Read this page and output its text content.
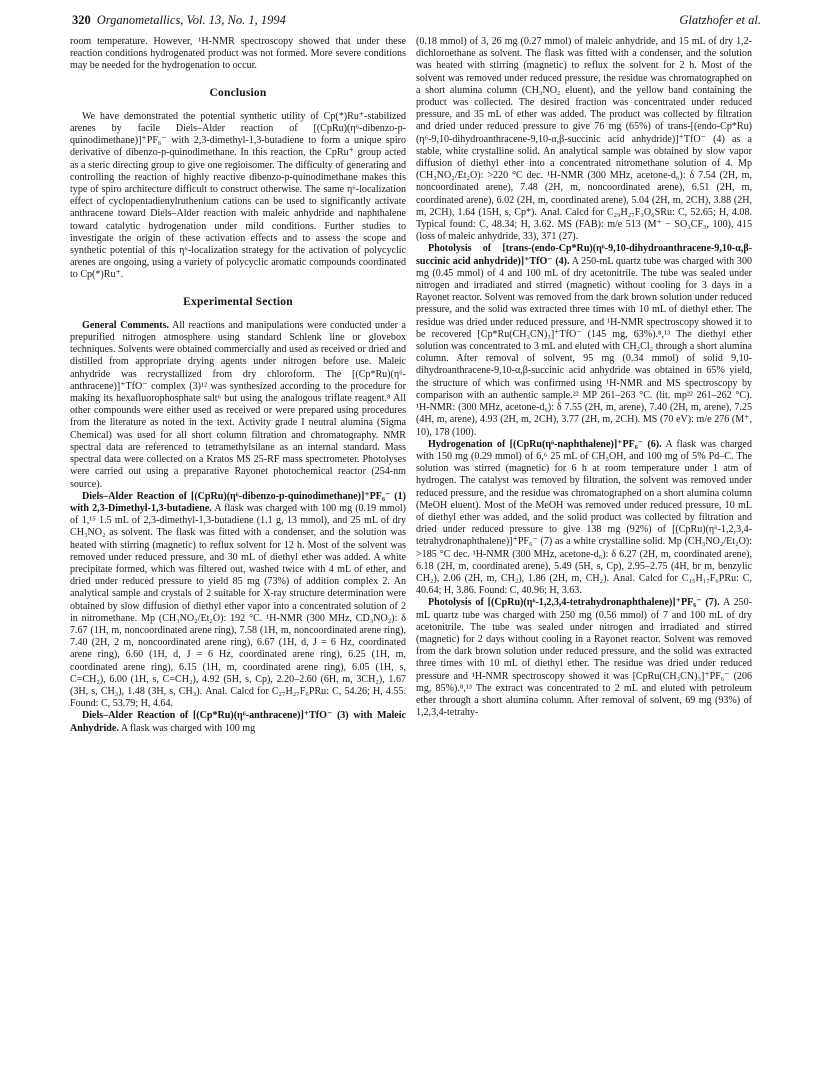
320 Organometallics, Vol. 13, No. 1, 1994	Glatzhofer et al.

room temperature. However, ¹H-NMR spectroscopy showed that under these reaction conditions hydrogenated product was not formed. More severe conditions may be needed for the hydrogenation to occur.

Conclusion

We have demonstrated the potential synthetic utility of Cp(*)Ru⁺-stabilized arenes by facile Diels–Alder reaction of [(CpRu)(η⁶-dibenzo-p-quinodimethane)]⁺PF₆⁻ with 2,3-dimethyl-1,3-butadiene to form a unique spiro derivative of dibenzo-p-quinodimethane. In this reaction, the CpRu⁺ group acted as a steric directing group to give one regioisomer. The difficulty of generating and controlling the reaction of highly reactive dibenzo-p-quinodimethane makes this type of spiro architecture difficult to construct otherwise. The same η⁶-localization effect of cyclopentadienylruthenium cations can be used to significantly activate anthracene toward Diels–Alder reaction with maleic anhydride and naphthalene toward catalytic hydrogenation under mild conditions. Further studies to investigate the origin of these activation effects and to assess the scope and synthetic potential of this η⁶-localization strategy for the activation of polycyclic arenes are ongoing, using a variety of polycyclic aromatic compounds coordinated to Cp(*)Ru⁺.

Experimental Section

General Comments. All reactions and manipulations were conducted under a prepurified nitrogen atmosphere using standard Schlenk line or glovebox techniques. Solvents were obtained commercially and used as received or dried and distilled from appropriate drying agents under nitrogen before use. Maleic anhydride was recrystallized from dry chloroform. The [(Cp*Ru)(η⁶-anthracene)]⁺TfO⁻ complex (3)¹² was synthesized according to the procedure for making its hexafluorophosphate salt⁶ but using the analogous triflate reagent.⁸ All other compounds were either used as received or were prepared using procedures from the literature as noted in the text. Activity grade I neutral alumina (Sigma Chemical) was used for all short column filtration and chromatography. NMR spectral data are referenced to tetramethylsilane as an internal standard. Mass spectral data were collected on a Kratos MS 25-RF mass spectrometer. Photolyses were carried out using a preparative Rayonet photochemical reactor (254-nm source).

Diels–Alder Reaction of [(CpRu)(η⁶-dibenzo-p-quinodimethane)]⁺PF₆⁻ (1) with 2,3-Dimethyl-1,3-butadiene. A flask was charged with 100 mg (0.19 mmol) of 1,¹⁵ 1.5 mL of 2,3-dimethyl-1,3-butadiene (1.1 g, 13 mmol), and 25 mL of dry CH₃NO₂ as solvent. The flask was fitted with a condenser, and the solution was heated with stirring (magnetic) to reflux solvent for 12 h. Most of the solvent was removed under reduced pressure, and 30 mL of diethyl ether was added. A white precipitate formed, which was filtered out, washed twice with 4 mL of ether, and dried under reduced pressure to yield 85 mg (73%) of addition complex 2. An analytical sample and crystals of 2 suitable for X-ray structure determination were obtained by slow diffusion of diethyl ether vapor into a concentrated solution of 2 in nitromethane. Mp (CH₃NO₂/Et₂O): 192 °C. ¹H-NMR (300 MHz, CD₃NO₂): δ 7.67 (1H, m, noncoordinated arene ring), 7.58 (1H, m, noncoordinated arene ring), 7.40 (2H, 2 m, noncoordinated arene ring), 6.67 (1H, d, J = 6 Hz, coordinated arene ring), 6.60 (1H, d, J = 6 Hz, coordinated arene ring), 6.25 (1H, m, coordinated arene ring), 6.15 (1H, m, coordinated arene ring), 6.05 (1H, s, C=CH₂), 6.00 (1H, s, C=CH₂), 4.92 (5H, s, Cp), 2.20–2.60 (6H, m, 3CH₂), 1.67 (3H, s, CH₃), 1.48 (3H, s, CH₃). Anal. Calcd for C₂₇H₂₇F₆PRu: C, 54.26; H, 4.55. Found: C, 53.79; H, 4.64.

Diels–Alder Reaction of [(Cp*Ru)(η⁶-anthracene)]⁺TfO⁻ (3) with Maleic Anhydride. A flask was charged with 100 mg

(0.18 mmol) of 3, 26 mg (0.27 mmol) of maleic anhydride, and 15 mL of dry 1,2-dichloroethane as solvent. The flask was fitted with a condenser, and the solution was heated with stirring (magnetic) to reflux the solvent for 2 h. Most of the solvent was removed under reduced pressure, the residue was chromatographed on a short alumina column (CH₃NO₂ eluent), and the yellow band containing the product was collected. The desired fraction was concentrated under reduced pressure, and 35 mL of ether was added. The product was collected by filtration and dried under reduced pressure to give 76 mg (65%) of trans-[(endo-Cp*Ru)(η⁶-9,10-dihydroanthracene-9,10-α,β-succinic acid anhydride)]⁺TfO⁻ (4) as a stable, white crystalline solid. An analytical sample was obtained by slow vapor diffusion of diethyl ether into a concentrated nitromethane solution of 4. Mp (CH₃NO₂/Et₂O): >220 °C dec. ¹H-NMR (300 MHz, acetone-d₆): δ 7.54 (2H, m, noncoordinated arene), 7.48 (2H, m, noncoordinated arene), 6.51 (2H, m, coordinated arene), 6.02 (2H, m, coordinated arene), 5.04 (2H, m, 2CH), 3.88 (2H, m, 2CH), 1.64 (15H, s, Cp*). Anal. Calcd for C₂₉H₂₇F₃O₆SRu: C, 52.65; H, 4.08. Typical found: C, 48.34; H, 3.62. MS (FAB): m/e 513 (M⁺ − SO₃CF₃, 100), 415 (loss of maleic anhydride, 33), 371 (27).

Photolysis of [trans-(endo-Cp*Ru)(η⁶-9,10-dihydroanthracene-9,10-α,β-succinic acid anhydride)]⁺TfO⁻ (4). A 250-mL quartz tube was charged with 300 mg (0.45 mmol) of 4 and 100 mL of dry acetonitrile. The tube was sealed under nitrogen and irradiated and stirred (magnetic) without cooling for 3 days in a Rayonet reactor. Solvent was removed from the dark brown solution under reduced pressure, and the solid was extracted three times with 10 mL of diethyl ether. The residue was dried under reduced pressure, and ¹H-NMR spectroscopy showed it to be recovered [Cp*Ru(CH₃CN)₃]⁺TfO⁻ (145 mg, 63%).⁸,¹³ The diethyl ether solution was concentrated to 3 mL and eluted with CH₂Cl₂ through a short alumina column. After removal of solvent, 95 mg (0.34 mmol) of solid 9,10-dihydroanthracene-9,10-α,β-succinic acid anhydride was obtained in 65% yield, the structure of which was confirmed using ¹H-NMR and MS spectroscopy by comparison with an authentic sample.²² MP 261–263 °C. (lit. mp²² 261–262 °C). ¹H-NMR: (300 MHz, acetone-d₆): δ 7.55 (2H, m, arene), 7.40 (2H, m, arene), 7.25 (4H, m, arene), 4.93 (2H, m, 2CH), 3.77 (2H, m, 2CH). MS (70 eV): m/e 276 (M⁺, 10), 178 (100).

Hydrogenation of [(CpRu(η⁶-naphthalene)]⁺PF₆⁻ (6). A flask was charged with 150 mg (0.29 mmol) of 6,⁶ 25 mL of CH₃OH, and 100 mg of 5% Pd–C. The solution was stirred (magnetic) for 6 h at room temperature under 1 atm of hydrogen. The catalyst was removed by filtration, the solvent was removed under reduced pressure, and the residue was chromatographed on a short alumina column (MeOH eluent). Most of the MeOH was removed under reduced pressure, 10 mL of diethyl ether was added, and the solid product was collected by filtration and dried under reduced pressure to give 138 mg (92%) of [(CpRu)(η⁶-1,2,3,4-tetrahydronaphthalene)]⁺PF₆⁻ (7) as a white crystalline solid. Mp (CH₃NO₂/Et₂O): >185 °C dec. ¹H-NMR (300 MHz, acetone-d₆): δ 6.27 (2H, m, coordinated arene), 6.18 (2H, m, coordinated arene), 5.49 (5H, s, Cp), 2.95–2.75 (4H, br m, benzylic CH₂), 2.06 (2H, m, CH₂), 1.86 (2H, m, CH₂). Anal. Calcd for C₁₅H₁₇F₆PRu: C, 40.64; H, 3.86. Found: C, 40.96; H, 3.63.

Photolysis of [(CpRu)(η⁶-1,2,3,4-tetrahydronaphthalene)]⁺PF₆⁻ (7). A 250-mL quartz tube was charged with 250 mg (0.56 mmol) of 7 and 100 mL of dry acetonitrile. The tube was sealed under nitrogen and irradiated and stirred (magnetic) for 2 days without cooling in a Rayonet reactor. Solvent was removed from the dark brown solution under reduced pressure, and the solid was extracted three times with 10 mL of diethyl ether. The residue was dried under reduced pressure and ¹H-NMR spectroscopy showed it was [CpRu(CH₃CN)₃]⁺PF₆⁻ (206 mg, 85%).⁸,¹³ The extract was concentrated to 2 mL and eluted with petroleum ether through a short alumina column. After removal of solvent, 69 mg (93%) of 1,2,3,4-tetrahy-
